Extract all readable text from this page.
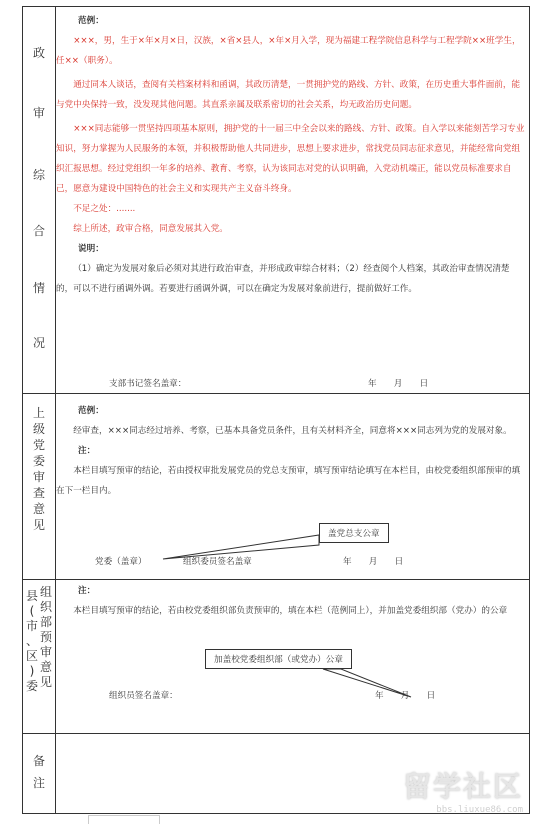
政
审
综
合
情
况
范例：

×××，男，生于×年×月×日，汉族，×省×县人，×年×月入学，现为福建工程学院信息科学与工程学院××班学生，任××（职务）。

通过同本人谈话，查阅有关档案材料和函调，其政历清楚，一贯拥护党的路线、方针、政策，在历史重大事件面前，能与党中央保持一致，没发现其他问题。其直系亲属及联系密切的社会关系，均无政治历史问题。

×××同志能够一贯坚持四项基本原则，拥护党的十一届三中全会以来的路线、方针、政策。自入学以来能刻苦学习专业知识，努力掌握为人民服务的本领，并积极帮助他人共同进步，思想上要求进步，常找党员同志征求意见，并能经常向党组织汇报思想。经过党组织一年多的培养、教育、考察，认为该同志对党的认识明确，入党动机端正，能以党员标准要求自己，愿意为建设中国特色的社会主义和实现共产主义奋斗终身。

不足之处：.......

综上所述，政审合格，同意发展其入党。

说明：

（1）确定为发展对象后必须对其进行政治审查，并形成政审综合材料；（2）经查阅个人档案，其政治审查情况清楚的，可以不进行函调外调。若要进行函调外调，可以在确定为发展对象前进行，提前做好工作。

支部书记签名盖章：	年　　月　　日
上
级
党
委
审
查
意
见
范例：

经审查，×××同志经过培养、考察，已基本具备党员条件，且有关材料齐全，同意将×××同志列为党的发展对象。

注：

本栏目填写预审的结论，若由授权审批发展党员的党总支预审，填写预审结论填写在本栏目，由校党委组织部预审的填在下一栏目内。

盖党总支公章
党委（盖章）	组织委员签名盖章	年　　月　　日
县
(
市
、
区
)
委
组
织
部
预
审
意
见
注：

本栏目填写预审的结论，若由校党委组织部负责预审的，填在本栏（范例同上），并加盖党委组织部（党办）的公章

加盖校党委组织部（或党办）公章
组织员签名盖章：	年　　月　　日
备
注	留学社区
bbs.liuxue86.com
